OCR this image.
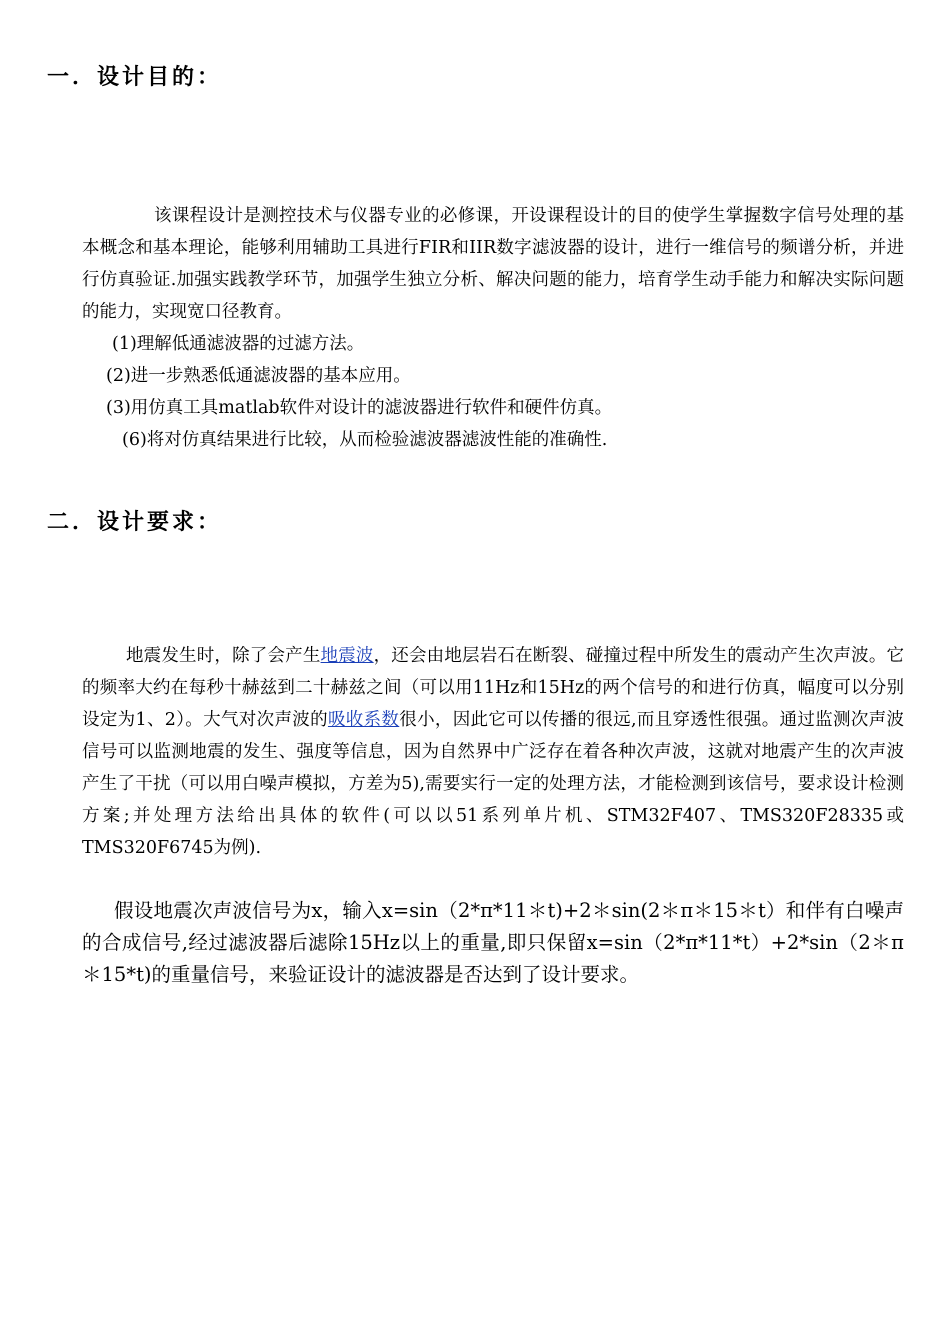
一．设计目的：

该课程设计是测控技术与仪器专业的必修课，开设课程设计的目的使学生掌握数字信号处理的基本概念和基本理论，能够利用辅助工具进行FIR和IIR数字滤波器的设计，进行一维信号的频谱分析，并进行仿真验证.加强实践教学环节，加强学生独立分析、解决问题的能力，培育学生动手能力和解决实际问题的能力，实现宽口径教育。

(1)理解低通滤波器的过滤方法。
(2)进一步熟悉低通滤波器的基本应用。
(3)用仿真工具matlab软件对设计的滤波器进行软件和硬件仿真。
(6)将对仿真结果进行比较，从而检验滤波器滤波性能的准确性.
二．设计要求：

地震发生时，除了会产生地震波，还会由地层岩石在断裂、碰撞过程中所发生的震动产生次声波。它的频率大约在每秒十赫兹到二十赫兹之间（可以用11Hz和15Hz的两个信号的和进行仿真，幅度可以分别设定为1、2）。大气对次声波的吸收系数很小，因此它可以传播的很远,而且穿透性很强。通过监测次声波信号可以监测地震的发生、强度等信息，因为自然界中广泛存在着各种次声波，这就对地震产生的次声波产生了干扰（可以用白噪声模拟，方差为5),需要实行一定的处理方法，才能检测到该信号，要求设计检测方案;并处理方法给出具体的软件(可以以51系列单片机、STM32F407、TMS320F28335或TMS320F6745为例).

假设地震次声波信号为x，输入x=sin（2*π*11＊t)+2＊sin(2＊π＊15＊t）和伴有白噪声的合成信号,经过滤波器后滤除15Hz以上的重量,即只保留x=sin（2*π*11*t）+2*sin（2＊π＊15*t)的重量信号，来验证设计的滤波器是否达到了设计要求。
